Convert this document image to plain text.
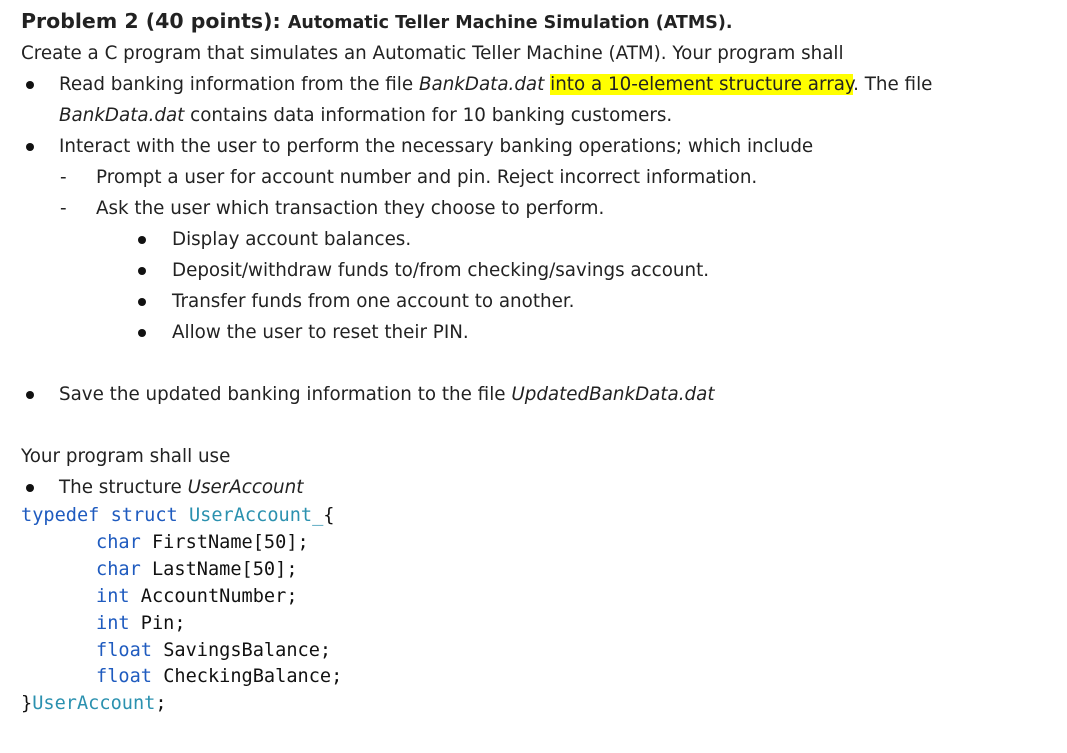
Problem 2 (40 points): Automatic Teller Machine Simulation (ATMS).

Create a C program that simulates an Automatic Teller Machine (ATM). Your program shall

Read banking information from the file BankData.dat into a 10-element structure array. The file
BankData.dat contains data information for 10 banking customers.
Interact with the user to perform the necessary banking operations; which include
- Prompt a user for account number and pin. Reject incorrect information.
- Ask the user which transaction they choose to perform.
Display account balances.
Deposit/withdraw funds to/from checking/savings account.
Transfer funds from one account to another.
Allow the user to reset their PIN.
Save the updated banking information to the file UpdatedBankData.dat

Your program shall use

The structure UserAccount
typedef struct UserAccount_{
char FirstName[50];
char LastName[50];
int AccountNumber;
int Pin;
float SavingsBalance;
float CheckingBalance;
}UserAccount;
